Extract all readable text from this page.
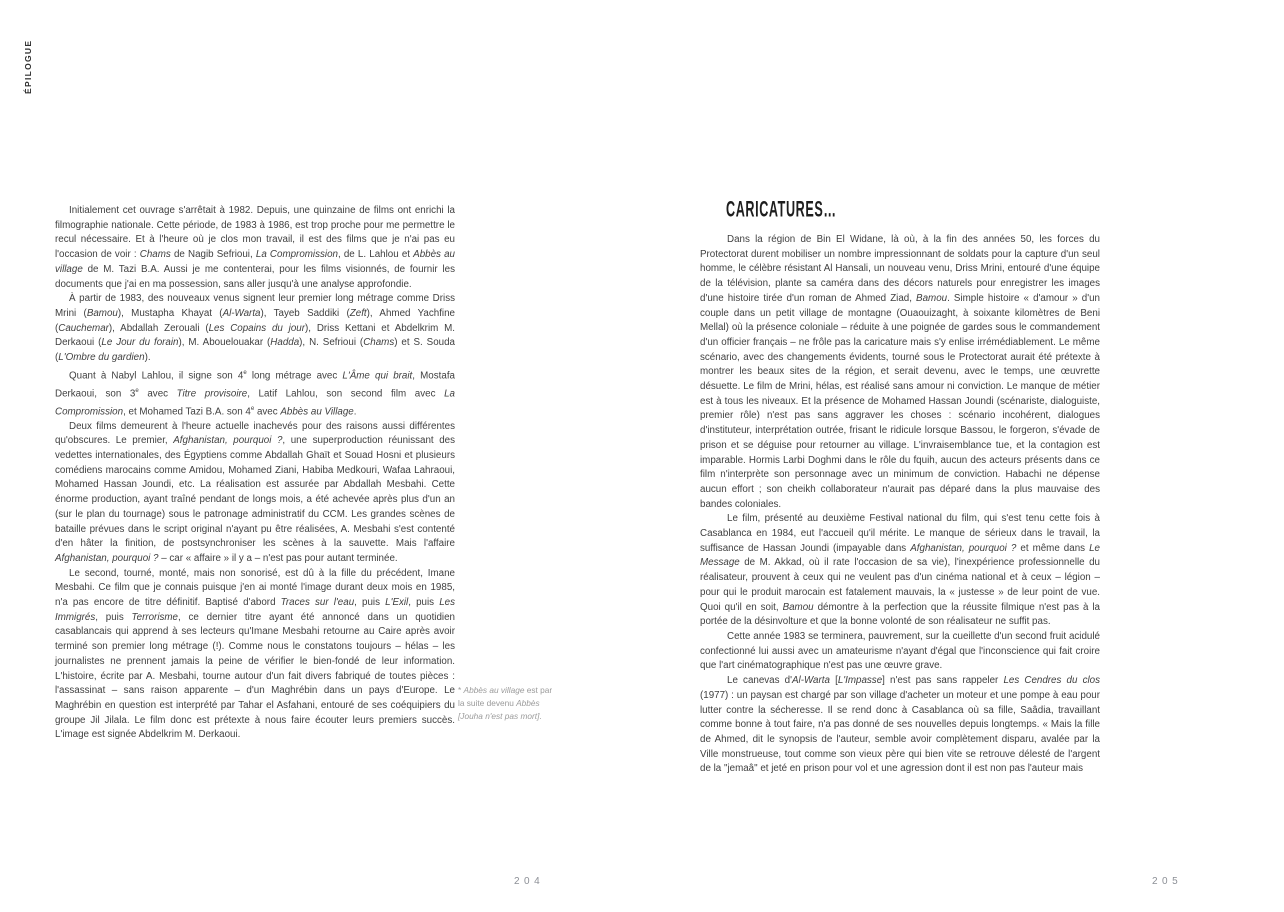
ÉPILOGUE

Initialement cet ouvrage s'arrêtait à 1982. Depuis, une quinzaine de films ont enrichi la filmographie nationale. Cette période, de 1983 à 1986, est trop proche pour me permettre le recul nécessaire. Et à l'heure où je clos mon travail, il est des films que je n'ai pas eu l'occasion de voir : Chams de Nagib Sefrioui, La Compromission, de L. Lahlou et Abbès au village de M. Tazi B.A. Aussi je me contenterai, pour les films visionnés, de fournir les documents que j'ai en ma possession, sans aller jusqu'à une analyse approfondie.

À partir de 1983, des nouveaux venus signent leur premier long métrage comme Driss Mrini (Bamou), Mustapha Khayat (Al-Warta), Tayeb Saddiki (Zeft), Ahmed Yachfine (Cauchemar), Abdallah Zerouali (Les Copains du jour), Driss Kettani et Abdelkrim M. Derkaoui (Le Jour du forain), M. Abouelouakar (Hadda), N. Sefrioui (Chams) et S. Souda (L'Ombre du gardien).

Quant à Nabyl Lahlou, il signe son 4e long métrage avec L'Âme qui brait, Mostafa Derkaoui, son 3e avec Titre provisoire, Latif Lahlou, son second film avec La Compromission, et Mohamed Tazi B.A. son 4e avec Abbès au Village.

Deux films demeurent à l'heure actuelle inachevés pour des raisons aussi différentes qu'obscures. Le premier, Afghanistan, pourquoi ?, une superproduction réunissant des vedettes internationales, des Égyptiens comme Abdallah Ghaït et Souad Hosni et plusieurs comédiens marocains comme Amidou, Mohamed Ziani, Habiba Medkouri, Wafaa Lahraoui, Mohamed Hassan Joundi, etc. La réalisation est assurée par Abdallah Mesbahi. Cette énorme production, ayant traîné pendant de longs mois, a été achevée après plus d'un an (sur le plan du tournage) sous le patronage administratif du CCM. Les grandes scènes de bataille prévues dans le script original n'ayant pu être réalisées, A. Mesbahi s'est contenté d'en hâter la finition, de postsynchroniser les scènes à la sauvette. Mais l'affaire Afghanistan, pourquoi ? – car « affaire » il y a – n'est pas pour autant terminée.

Le second, tourné, monté, mais non sonorisé, est dû à la fille du précédent, Imane Mesbahi. Ce film que je connais puisque j'en ai monté l'image durant deux mois en 1985, n'a pas encore de titre définitif. Baptisé d'abord Traces sur l'eau, puis L'Exil, puis Les Immigrés, puis Terrorisme, ce dernier titre ayant été annoncé dans un quotidien casablancais qui apprend à ses lecteurs qu'Imane Mesbahi retourne au Caire après avoir terminé son premier long métrage (!). Comme nous le constatons toujours – hélas – les journalistes ne prennent jamais la peine de vérifier le bien-fondé de leur information. L'histoire, écrite par A. Mesbahi, tourne autour d'un fait divers fabriqué de toutes pièces : l'assassinat – sans raison apparente – d'un Maghrébin dans un pays d'Europe. Le Maghrébin en question est interprété par Tahar el Asfahani, entouré de ses coéquipiers du groupe Jil Jilala. Le film donc est prétexte à nous faire écouter leurs premiers succès. L'image est signée Abdelkrim M. Derkaoui.

* Abbès au village est par la suite devenu Abbès [Jouha n'est pas mort].
204
CARICATURES…

Dans la région de Bin El Widane, là où, à la fin des années 50, les forces du Protectorat durent mobiliser un nombre impressionnant de soldats pour la capture d'un seul homme, le célèbre résistant Al Hansali, un nouveau venu, Driss Mrini, entouré d'une équipe de la télévision, plante sa caméra dans des décors naturels pour enregistrer les images d'une histoire tirée d'un roman de Ahmed Ziad, Bamou. Simple histoire « d'amour » d'un couple dans un petit village de montagne (Ouaouizaght, à soixante kilomètres de Beni Mellal) où la présence coloniale – réduite à une poignée de gardes sous le commandement d'un officier français – ne frôle pas la caricature mais s'y enlise irrémédiablement. Le même scénario, avec des changements évidents, tourné sous le Protectorat aurait été prétexte à montrer les beaux sites de la région, et serait devenu, avec le temps, une œuvrette désuette. Le film de Mrini, hélas, est réalisé sans amour ni conviction. Le manque de métier est à tous les niveaux. Et la présence de Mohamed Hassan Joundi (scénariste, dialoguiste, premier rôle) n'est pas sans aggraver les choses : scénario incohérent, dialogues d'instituteur, interprétation outrée, frisant le ridicule lorsque Bassou, le forgeron, s'évade de prison et se déguise pour retourner au village. L'invraisemblance tue, et la contagion est imparable. Hormis Larbi Doghmi dans le rôle du fquih, aucun des acteurs présents dans ce film n'interprète son personnage avec un minimum de conviction. Habachi ne dépense aucun effort ; son cheikh collaborateur n'aurait pas déparé dans la plus mauvaise des bandes coloniales.

Le film, présenté au deuxième Festival national du film, qui s'est tenu cette fois à Casablanca en 1984, eut l'accueil qu'il mérite. Le manque de sérieux dans le travail, la suffisance de Hassan Joundi (impayable dans Afghanistan, pourquoi ? et même dans Le Message de M. Akkad, où il rate l'occasion de sa vie), l'inexpérience professionnelle du réalisateur, prouvent à ceux qui ne veulent pas d'un cinéma national et à ceux – légion – pour qui le produit marocain est fatalement mauvais, la « justesse » de leur point de vue. Quoi qu'il en soit, Bamou démontre à la perfection que la réussite filmique n'est pas à la portée de la désinvolture et que la bonne volonté de son réalisateur ne suffit pas.

Cette année 1983 se terminera, pauvrement, sur la cueillette d'un second fruit acidulé confectionné lui aussi avec un amateurisme n'ayant d'égal que l'inconscience qui fait croire que l'art cinématographique n'est pas une œuvre grave.

Le canevas d'Al-Warta [L'Impasse] n'est pas sans rappeler Les Cendres du clos (1977) : un paysan est chargé par son village d'acheter un moteur et une pompe à eau pour lutter contre la sécheresse. Il se rend donc à Casablanca où sa fille, Saâdia, travaillant comme bonne à tout faire, n'a pas donné de ses nouvelles depuis longtemps. « Mais la fille de Ahmed, dit le synopsis de l'auteur, semble avoir complètement disparu, avalée par la Ville monstrueuse, tout comme son vieux père qui bien vite se retrouve délesté de l'argent de la "jemaâ" et jeté en prison pour vol et une agression dont il est non pas l'auteur mais

205
